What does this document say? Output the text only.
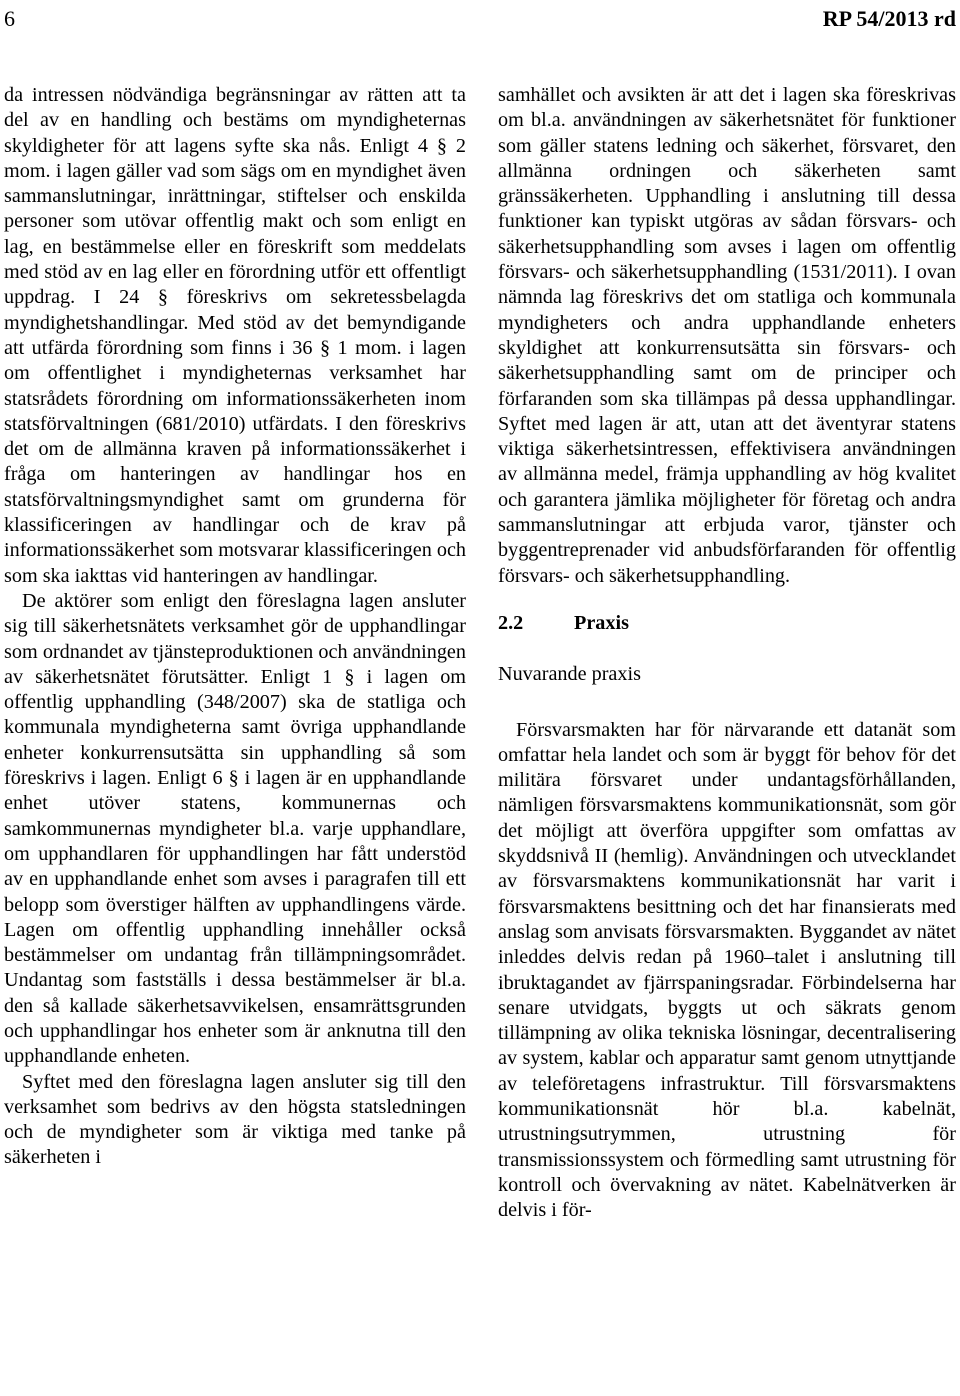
6	RP 54/2013 rd

da intressen nödvändiga begränsningar av rätten att ta del av en handling och bestäms om myndigheternas skyldigheter för att lagens syfte ska nås. Enligt 4 § 2 mom. i lagen gäller vad som sägs om en myndighet även sammanslutningar, inrättningar, stiftelser och enskilda personer som utövar offentlig makt och som enligt en lag, en bestämmelse eller en föreskrift som meddelats med stöd av en lag eller en förordning utför ett offentligt uppdrag. I 24 § föreskrivs om sekretessbelagda myndighetshandlingar. Med stöd av det bemyndigande att utfärda förordning som finns i 36 § 1 mom. i lagen om offentlighet i myndigheternas verksamhet har statsrådets förordning om informationssäkerheten inom statsförvaltningen (681/2010) utfärdats. I den föreskrivs det om de allmänna kraven på informationssäkerhet i fråga om hanteringen av handlingar hos en statsförvaltningsmyndighet samt om grunderna för klassificeringen av handlingar och de krav på informationssäkerhet som motsvarar klassificeringen och som ska iakttas vid hanteringen av handlingar.

De aktörer som enligt den föreslagna lagen ansluter sig till säkerhetsnätets verksamhet gör de upphandlingar som ordnandet av tjänsteproduktionen och användningen av säkerhetsnätet förutsätter. Enligt 1 § i lagen om offentlig upphandling (348/2007) ska de statliga och kommunala myndigheterna samt övriga upphandlande enheter konkurrensutsätta sin upphandling så som föreskrivs i lagen. Enligt 6 § i lagen är en upphandlande enhet utöver statens, kommunernas och samkommunernas myndigheter bl.a. varje upphandlare, om upphandlaren för upphandlingen har fått understöd av en upphandlande enhet som avses i paragrafen till ett belopp som överstiger hälften av upphandlingens värde. Lagen om offentlig upphandling innehåller också bestämmelser om undantag från tillämpningsområdet. Undantag som fastställs i dessa bestämmelser är bl.a. den så kallade säkerhetsavvikelsen, ensamrättsgrunden och upphandlingar hos enheter som är anknutna till den upphandlande enheten.

Syftet med den föreslagna lagen ansluter sig till den verksamhet som bedrivs av den högsta statsledningen och de myndigheter som är viktiga med tanke på säkerheten i

samhället och avsikten är att det i lagen ska föreskrivas om bl.a. användningen av säkerhetsnätet för funktioner som gäller statens ledning och säkerhet, försvaret, den allmänna ordningen och säkerheten samt gränssäkerheten. Upphandling i anslutning till dessa funktioner kan typiskt utgöras av sådan försvars- och säkerhetsupphandling som avses i lagen om offentlig försvars- och säkerhetsupphandling (1531/2011). I ovan nämnda lag föreskrivs det om statliga och kommunala myndigheters och andra upphandlande enheters skyldighet att konkurrensutsätta sin försvars- och säkerhetsupphandling samt om de principer och förfaranden som ska tillämpas på dessa upphandlingar. Syftet med lagen är att, utan att det äventyrar statens viktiga säkerhetsintressen, effektivisera användningen av allmänna medel, främja upphandling av hög kvalitet och garantera jämlika möjligheter för företag och andra sammanslutningar att erbjuda varor, tjänster och byggentreprenader vid anbudsförfaranden för offentlig försvars- och säkerhetsupphandling.

2.2	Praxis

Nuvarande praxis

Försvarsmakten har för närvarande ett datanät som omfattar hela landet och som är byggt för behov för det militära försvaret under undantagsförhållanden, nämligen försvarsmaktens kommunikationsnät, som gör det möjligt att överföra uppgifter som omfattas av skyddsnivå II (hemlig). Användningen och utvecklandet av försvarsmaktens kommunikationsnät har varit i försvarsmaktens besittning och det har finansierats med anslag som anvisats försvarsmakten. Byggandet av nätet inleddes delvis redan på 1960–talet i anslutning till ibruktagandet av fjärrspaningsradar. Förbindelserna har senare utvidgats, byggts ut och säkrats genom tillämpning av olika tekniska lösningar, decentralisering av system, kablar och apparatur samt genom utnyttjande av teleföretagens infrastruktur. Till försvarsmaktens kommunikationsnät hör bl.a. kabelnät, utrustningsutrymmen, utrustning för transmissionssystem och förmedling samt utrustning för kontroll och övervakning av nätet. Kabelnätverken är delvis i för-
